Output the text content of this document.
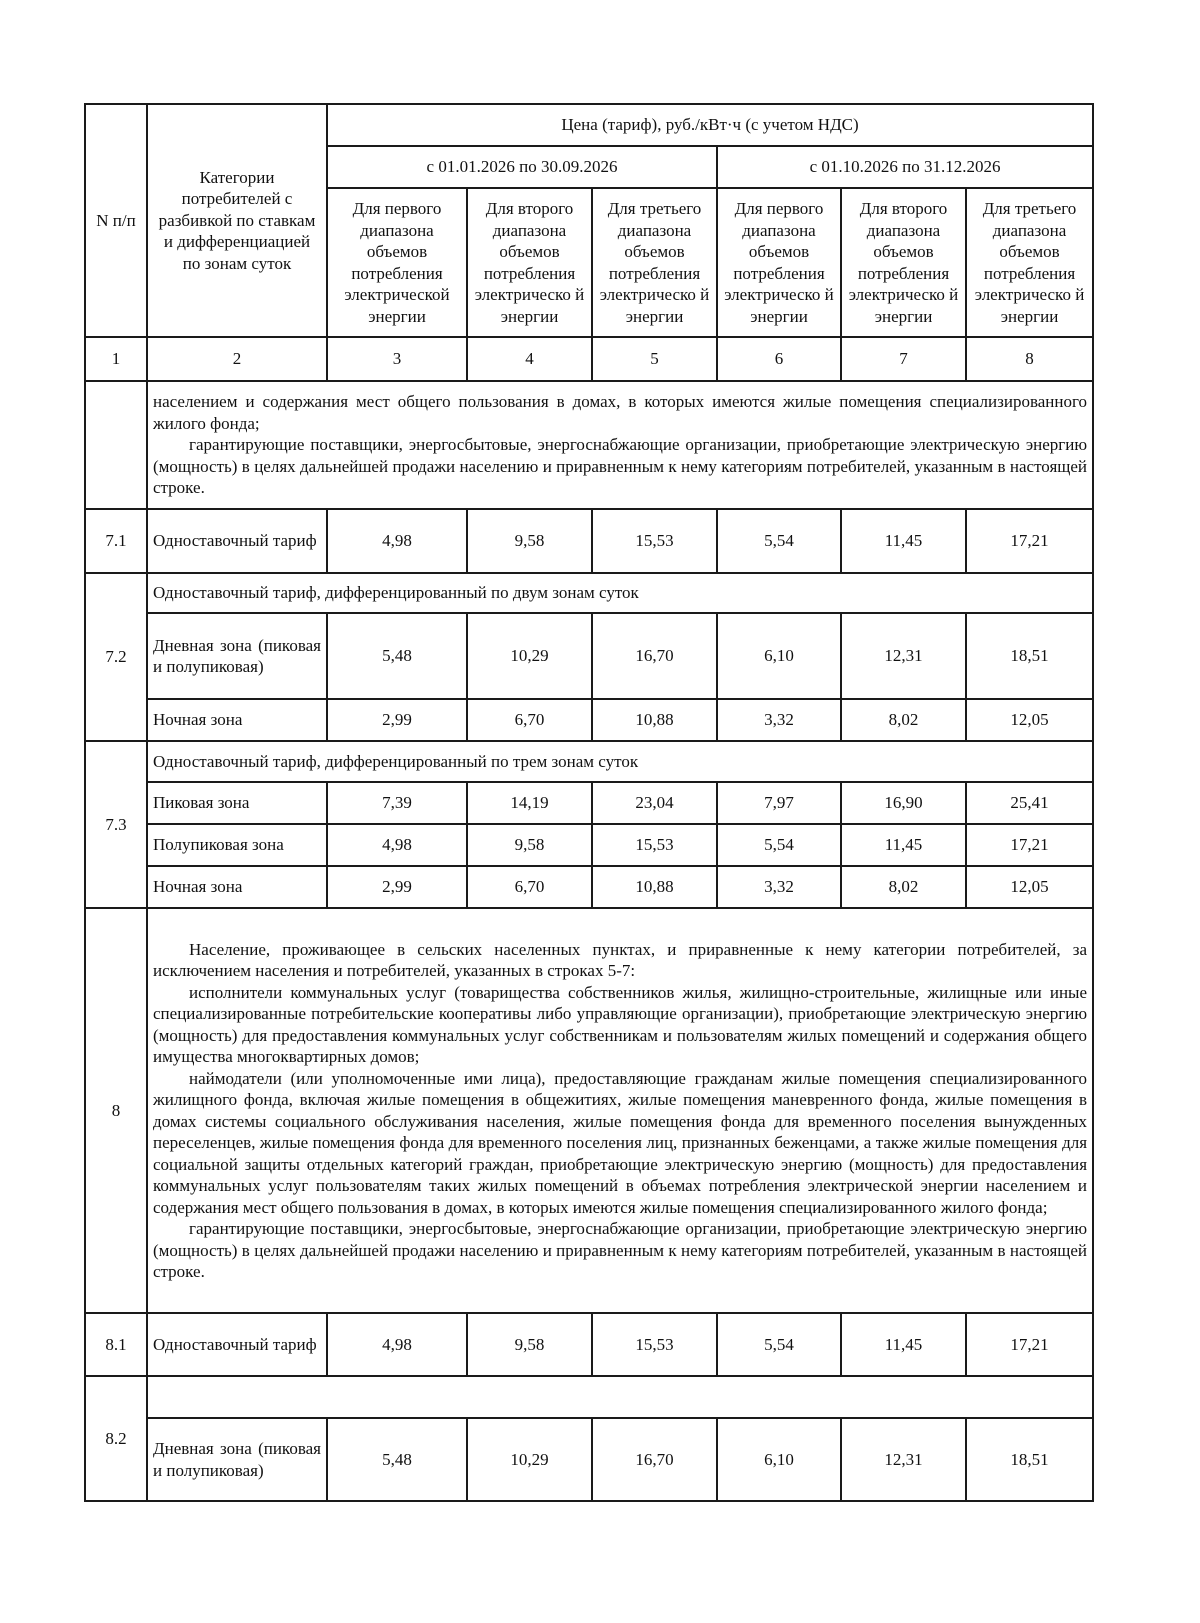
N п/п	Категории потребителей с разбивкой по ставкам и дифференциацией по зонам суток	Цена (тариф), руб./кВт·ч (с учетом НДС)					
		с 01.01.2026 по 30.09.2026			с 01.10.2026 по 31.12.2026		
		Для первого диапазона объемов потребления электрической энергии	Для второго диапазона объемов потребления электрическо й энергии	Для третьего диапазона объемов потребления электрическо й энергии	Для первого диапазона объемов потребления электрическо й энергии	Для второго диапазона объемов потребления электрическо й энергии	Для третьего диапазона объемов потребления электрическо й энергии
1	2	3	4	5	6	7	8

	населением и содержания мест общего пользования в домах, в которых имеются жилые помещения специализированного жилого фонда;

гарантирующие поставщики, энергосбытовые, энергоснабжающие организации, приобретающие электрическую энергию (мощность) в целях дальнейшей продажи населению и приравненным к нему категориям потребителей, указанным в настоящей строке.						

7.1	Одноставочный тариф	4,98	9,58	15,53	5,54	11,45	17,21
7.2	Одноставочный тариф, дифференцированный по двум зонам суток						
	Дневная зона (пиковая и полупиковая)	5,48	10,29	16,70	6,10	12,31	18,51
	Ночная зона	2,99	6,70	10,88	3,32	8,02	12,05
7.3	Одноставочный тариф, дифференцированный по трем зонам суток						
	Пиковая зона	7,39	14,19	23,04	7,97	16,90	25,41
	Полупиковая зона	4,98	9,58	15,53	5,54	11,45	17,21
	Ночная зона	2,99	6,70	10,88	3,32	8,02	12,05
8	Население, проживающее в сельских населенных пунктах, и приравненные к нему категории потребителей, за исключением населения и потребителей, указанных в строках 5-7:

исполнители коммунальных услуг (товарищества собственников жилья, жилищно-строительные, жилищные или иные специализированные потребительские кооперативы либо управляющие организации), приобретающие электрическую энергию (мощность) для предоставления коммунальных услуг собственникам и пользователям жилых помещений и содержания общего имущества многоквартирных домов;

наймодатели (или уполномоченные ими лица), предоставляющие гражданам жилые помещения специализированного жилищного фонда, включая жилые помещения в общежитиях, жилые помещения маневренного фонда, жилые помещения в домах системы социального обслуживания населения, жилые помещения фонда для временного поселения вынужденных переселенцев, жилые помещения фонда для временного поселения лиц, признанных беженцами, а также жилые помещения для социальной защиты отдельных категорий граждан, приобретающие электрическую энергию (мощность) для предоставления коммунальных услуг пользователям таких жилых помещений в объемах потребления электрической энергии населением и содержания мест общего пользования в домах, в которых имеются жилые помещения специализированного жилого фонда;

гарантирующие поставщики, энергосбытовые, энергоснабжающие организации, приобретающие электрическую энергию (мощность) в целях дальнейшей продажи населению и приравненным к нему категориям потребителей, указанным в настоящей строке.						

8.1	Одноставочный тариф	4,98	9,58	15,53	5,54	11,45	17,21
8.2							
	Дневная зона (пиковая и полупиковая)	5,48	10,29	16,70	6,10	12,31	18,51
